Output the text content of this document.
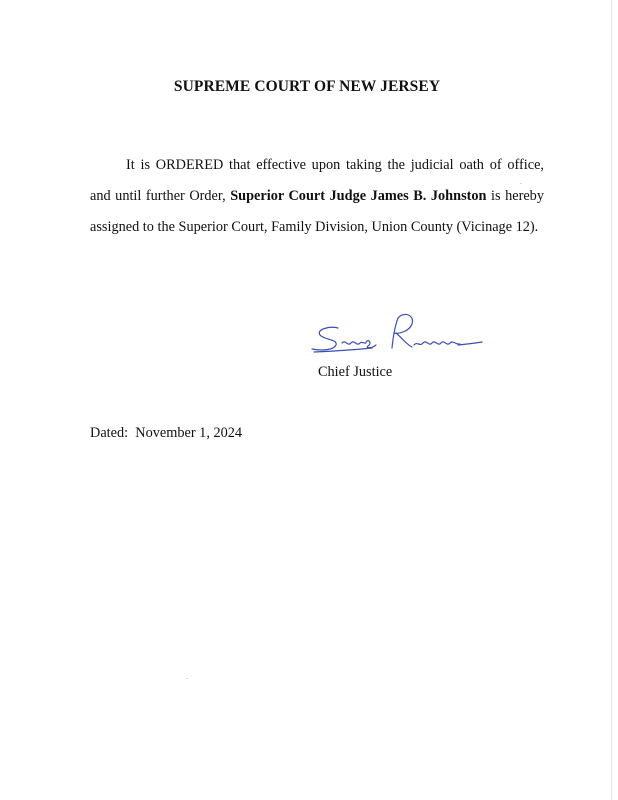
SUPREME COURT OF NEW JERSEY

It is ORDERED that effective upon taking the judicial oath of office, and until further Order, Superior Court Judge James B. Johnston is hereby assigned to the Superior Court, Family Division, Union County (Vicinage 12).

Chief Justice
Dated: November 1, 2024
